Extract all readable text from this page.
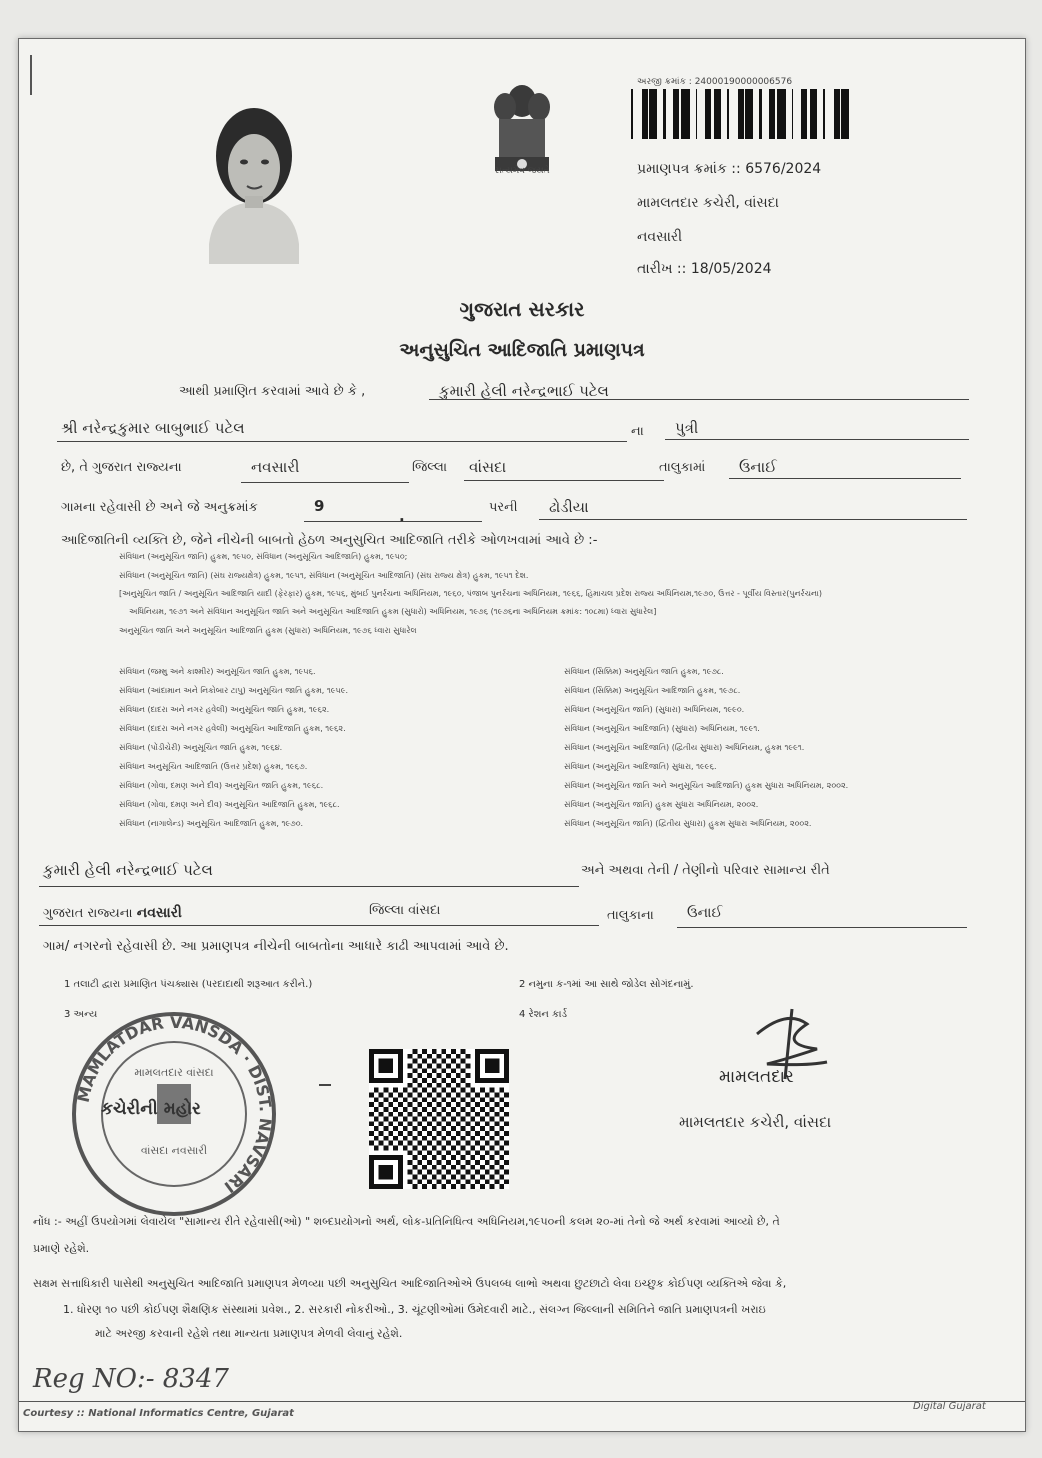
સત્યમેવ જયતે
અરજી ક્રમાંક : 24000190000006576
પ્રમાણપત્ર ક્રમાંક :: 6576/2024
મામલતદાર કચેરી, વાંસદા
નવસારી
તારીખ :: 18/05/2024
ગુજરાત સરકાર
અનુસુચિત આદિજાતિ પ્રમાણપત્ર
આથી પ્રમાણિત કરવામાં આવે છે કે ,	કુમારી હેલી નરેન્દ્રભાઈ પટેલ
શ્રી નરેન્દ્રકુમાર બાબુભાઈ પટેલ	ના પુત્રી
છે, તે ગુજરાત રાજ્યના	નવસારી	જિલ્લા વાંસદા	તાલુકામાં ઉનાઈ
ગામના રહેવાસી છે અને જે અનુક્રમાંક	9
.	પરની ઢોડીયા
આદિજાતિની વ્યક્તિ છે, જેને નીચેની બાબતો હેઠળ અનુસુચિત આદિજાતિ તરીકે ઓળખવામાં આવે છે :-
સંવિધાન (અનુસૂચિત જાતિ) હુકમ, ૧૯૫૦, સંવિધાન (અનુસૂચિત આદિજાતિ) હુકમ, ૧૯૫૦;
સંવિધાન (અનુસૂચિત જાતિ) (સંઘ રાજ્યક્ષેત્ર) હુકમ, ૧૯૫૧, સંવિધાન (અનુસૂચિત આદિજાતિ) (સંઘ રાજ્ય ક્ષેત્ર) હુકમ, ૧૯૫૧ દેશ.
[અનુસૂચિત જાતિ / અનુસૂચિત આદિજાતિ યાદી (ફેરફાર) હુકમ, ૧૯૫૬, મુંબઈ પુનર્રચના અધિનિયમ, ૧૯૬૦, પંજાબ પુનર્રચના અધિનિયમ, ૧૯૬૬, હિમાચલ પ્રદેશ રાજ્ય અધિનિયમ,૧૯૭૦, ઉત્તર - પૂર્વીય વિસ્તાર(પુનર્રચના)
અધિનિયમ, ૧૯૭૧ અને સંવિધાન અનુસૂચિત જાતિ અને અનુસૂચિત આદિજાતિ હુકમ (સુધારો) અધિનિયમ, ૧૯૭૬ (૧૯૭૬ના અધિનિયમ ક્રમાંક: ૧૦૮મા) ધ્વારા સુધારેલ]
અનુસૂચિત જાતિ અને અનુસૂચિત આદિજાતિ હુકમ (સુધારા) અધિનિયમ, ૧૯૭૬ ધ્વારા સુધારેલ
સંવિધાન (જમ્મુ અને કાશ્મીર) અનુસૂચિત જાતિ હુકમ, ૧૯૫૬.
સંવિધાન (આંદામાન અને નિકોબાર ટાપુ) અનુસૂચિત જાતિ હુકમ, ૧૯૫૯.
સંવિધાન (દાદરા અને નગર હવેલી) અનુસૂચિત જાતિ હુકમ, ૧૯૬૨.
સંવિધાન (દાદરા અને નગર હવેલી) અનુસૂચિત આદિજાતિ હુકમ, ૧૯૬૨.
સંવિધાન (પોંડીચેરી) અનુસૂચિત જાતિ હુકમ, ૧૯૬૪.
સંવિધાન અનુસૂચિત આદિજાતિ (ઉત્તર પ્રદેશ) હુકમ, ૧૯૬૭.
સંવિધાન (ગોવા, દમણ અને દીવ) અનુસૂચિત જાતિ હુકમ, ૧૯૬૮.
સંવિધાન (ગોવા, દમણ અને દીવ) અનુસૂચિત આદિજાતિ હુકમ, ૧૯૬૮.
સંવિધાન (નાગાલેન્ડ) અનુસૂચિત આદિજાતિ હુકમ, ૧૯૭૦.
સંવિધાન (સિક્કિમ) અનુસૂચિત જાતિ હુકમ, ૧૯૭૮.
સંવિધાન (સિક્કિમ) અનુસૂચિત આદિજાતિ હુકમ, ૧૯૭૮.
સંવિધાન (અનુસૂચિત જાતિ) (સુધારા) અધિનિયમ, ૧૯૯૦.
સંવિધાન (અનુસૂચિત આદિજાતિ) (સુધારા) અધિનિયમ, ૧૯૯૧.
સંવિધાન (અનુસૂચિત આદિજાતિ) (દ્વિતીય સુધારા) અધિનિયમ, હુકમ ૧૯૯૧.
સંવિધાન (અનુસૂચિત આદિજાતિ) સુધારા, ૧૯૯૬.
સંવિધાન (અનુસૂચિત જાતિ અને અનુસૂચિત આદિજાતિ) હુકમ સુધારા અધિનિયમ, ૨૦૦૨.
સંવિધાન (અનુસૂચિત જાતિ) હુકમ સુધારા અધિનિયમ, ૨૦૦૨.
સંવિધાન (અનુસૂચિત જાતિ) (દ્વિતીય સુધારા) હુકમ સુધારા અધિનિયમ, ૨૦૦૨.
કુમારી હેલી નરેન્દ્રભાઈ પટેલ	અને અથવા તેની / તેણીનો પરિવાર સામાન્ય રીતે
ગુજરાત રાજ્યના નવસારી	જિલ્લા વાંસદા	તાલુકાના ઉનાઈ
ગામ/ નગરનો રહેવાસી છે. આ પ્રમાણપત્ર નીચેની બાબતોના આધારે કાઢી આપવામાં આવે છે.
1 તલાટી દ્વારા પ્રમાણિત પંચક્યાસ (પરદાદાથી શરૂઆત કરીને.)	2 નમુના ક-૧માં આ સાથે જોડેલ સોગંદનામું.
3 અન્ય	4 રેશન કાર્ડ
MAMLATDAR VANSDA · DIST. NAVSARI
મામલતદાર વાંસદા
વાંસદા નવસારી
કચેરીની મહોર
મામલતદાર
મામલતદાર કચેરી, વાંસદા
નોંધ :- અહીં ઉપયોગમાં લેવાયેલ "સામાન્ય રીતે રહેવાસી(ઓ) " શબ્દપ્રયોગનો અર્થ, લોક-પ્રતિનિધિત્વ અધિનિયમ,૧૯૫૦ની કલમ ૨૦-માં તેનો જે અર્થ કરવામાં આવ્યો છે, તે
પ્રમાણે રહેશે.
સક્ષમ સત્તાધિકારી પાસેથી અનુસુચિત આદિજાતિ પ્રમાણપત્ર મેળવ્યા પછી અનુસુચિત આદિજાતિઓએ ઉપલબ્ધ લાભો અથવા છુટછાટો લેવા ઇચ્છુક કોઈપણ વ્યક્તિએ જેવા કે,
1. ધોરણ ૧૦ પછી કોઈપણ શૈક્ષણિક સંસ્થામાં પ્રવેશ., 2. સરકારી નોકરીઓ., 3. ચૂંટણીઓમાં ઉમેદવારી માટે., સંલગ્ન જિલ્લાની સમિતિને જાતિ પ્રમાણપત્રની ખરાઇ
માટે અરજી કરવાની રહેશે તથા માન્યતા પ્રમાણપત્ર મેળવી લેવાનું રહેશે.
Reg NO:- 8347
Courtesy :: National Informatics Centre, Gujarat
Digital Gujarat
